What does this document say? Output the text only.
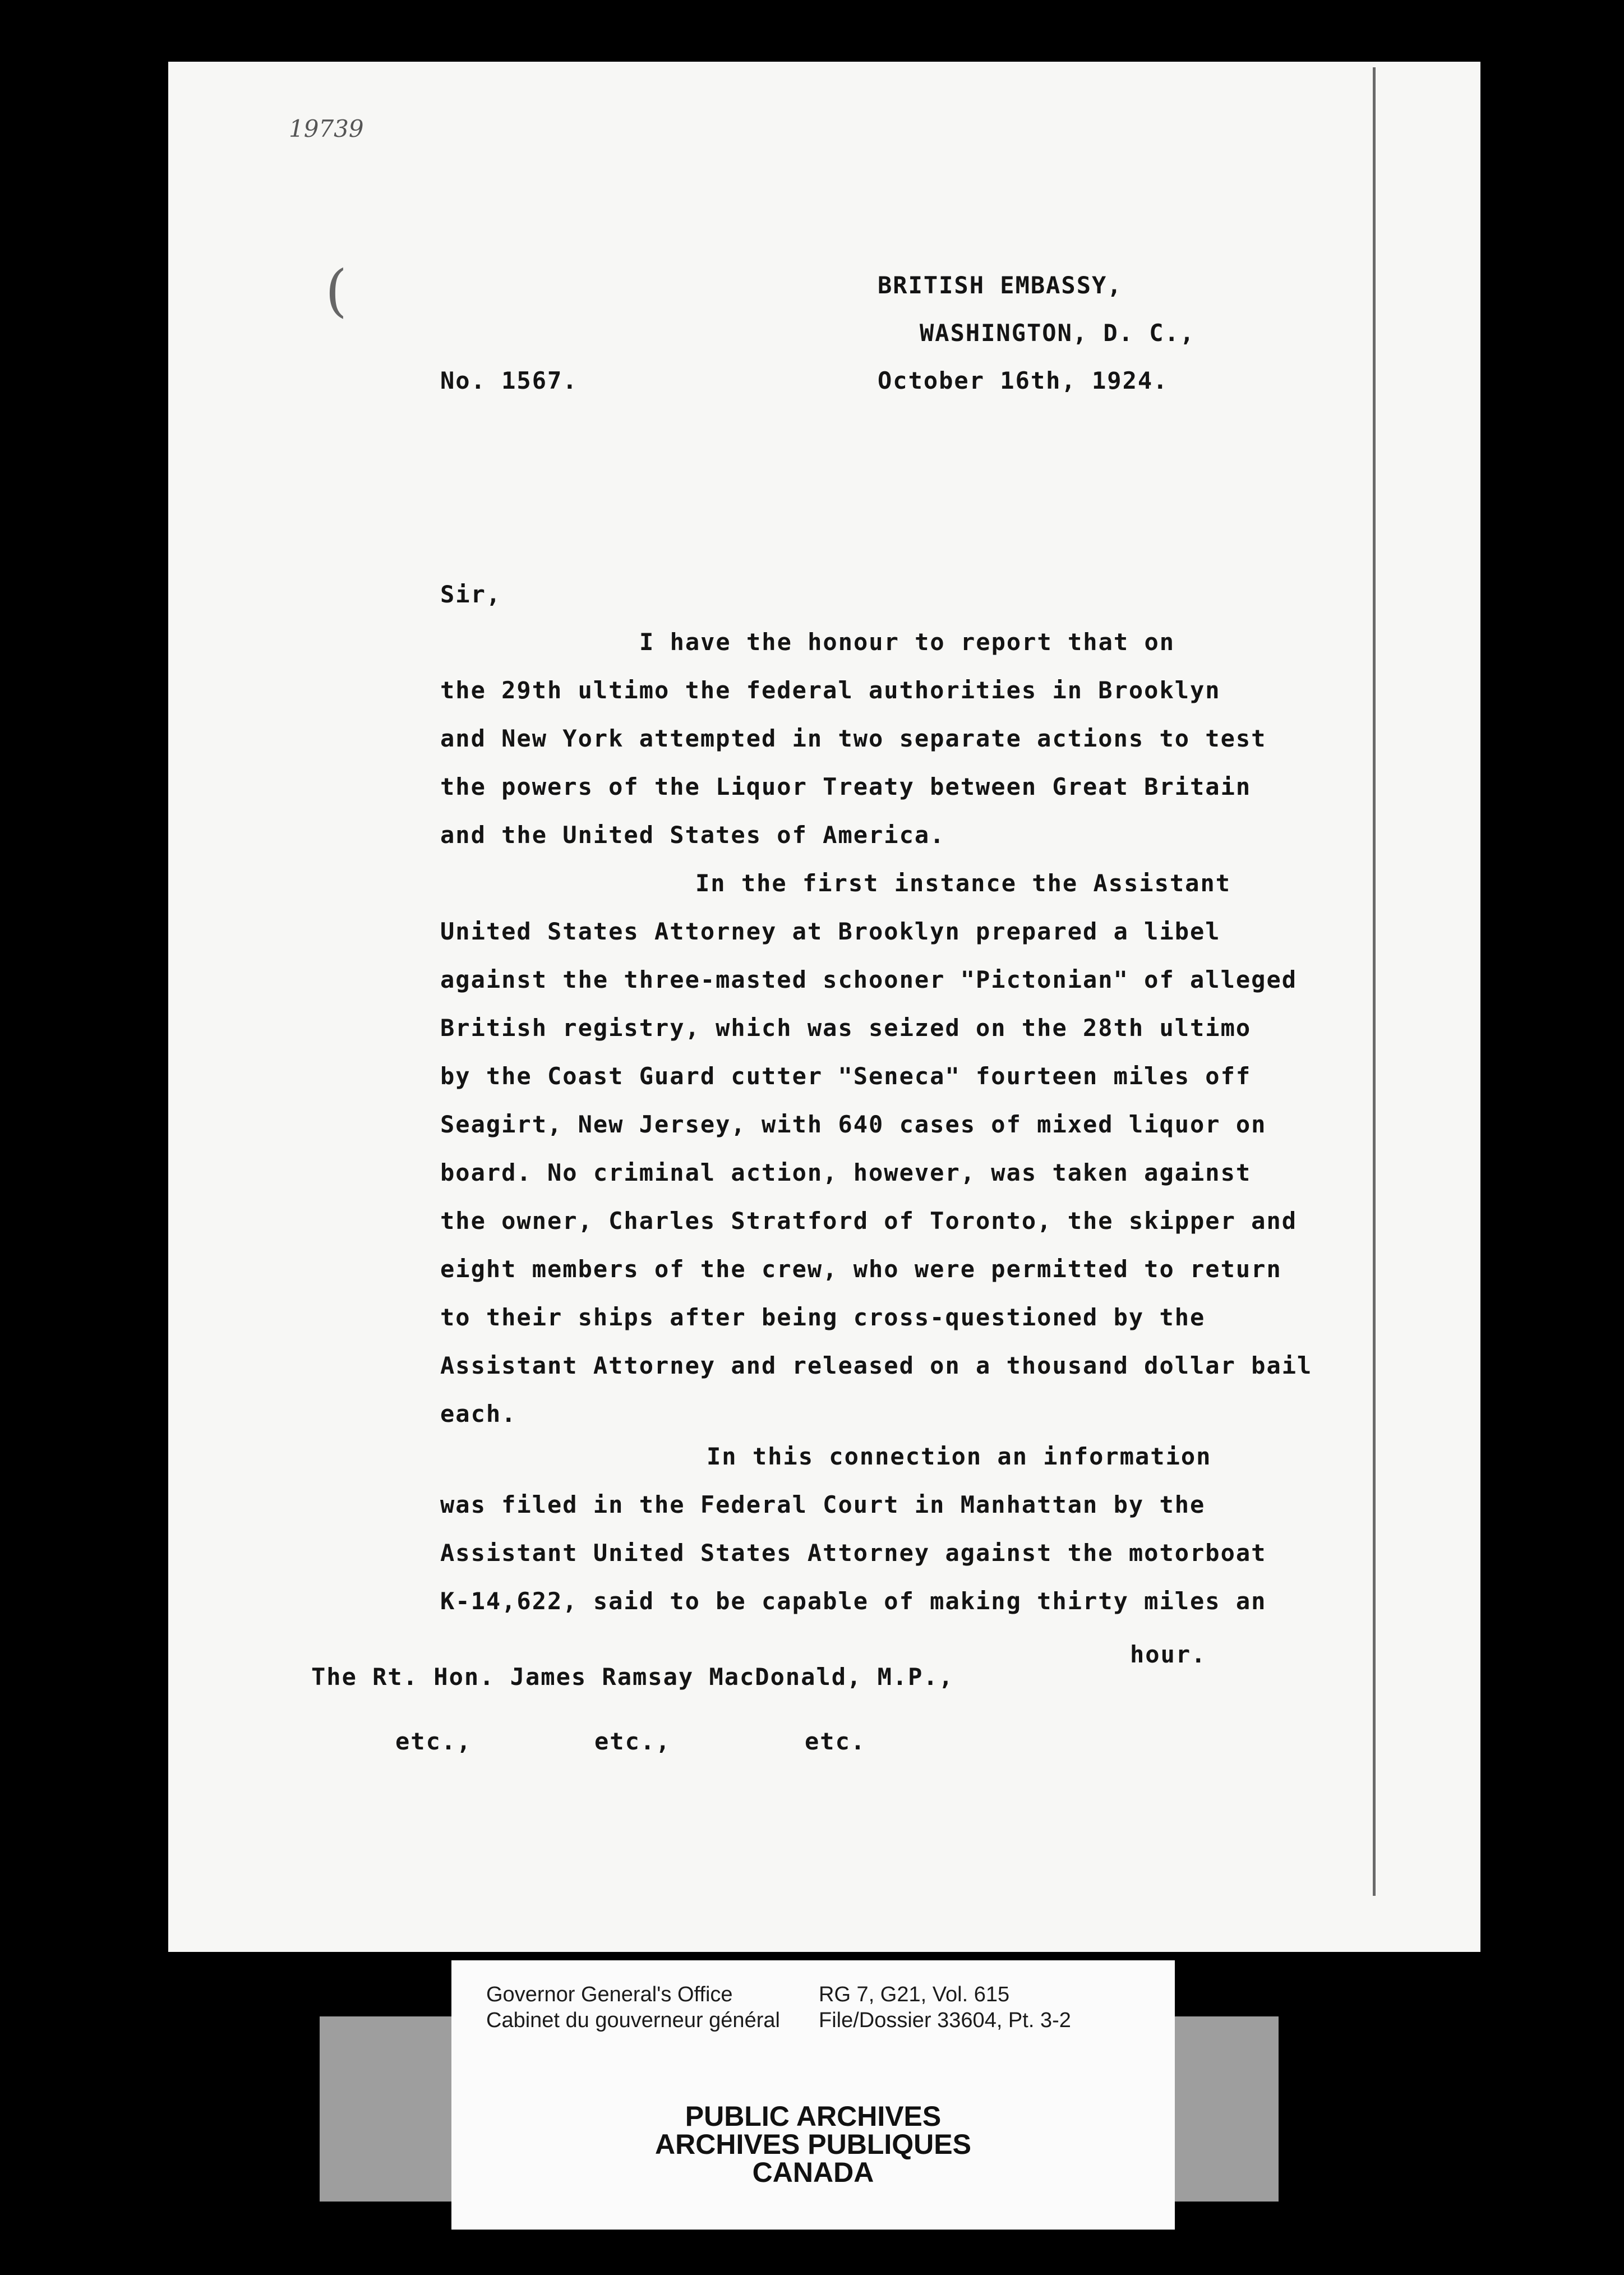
19739
(	BRITISH EMBASSY,

WASHINGTON, D. C.,

No. 1567.	October 16th, 1924.

Sir,

I have the honour to report that on

the 29th ultimo the federal authorities in Brooklyn

and New York attempted in two separate actions to test

the powers of the Liquor Treaty between Great Britain

and the United States of America.

In the first instance the Assistant

United States Attorney at Brooklyn prepared a libel

against the three-masted schooner "Pictonian" of alleged

British registry, which was seized on the 28th ultimo

by the Coast Guard cutter "Seneca" fourteen miles off

Seagirt, New Jersey, with 640 cases of mixed liquor on

board. No criminal action, however, was taken against

the owner, Charles Stratford of Toronto, the skipper and

eight members of the crew, who were permitted to return

to their ships after being cross-questioned by the

Assistant Attorney and released on a thousand dollar bail

each.

In this connection an information

was filed in the Federal Court in Manhattan by the

Assistant United States Attorney against the motorboat

K-14,622, said to be capable of making thirty miles an

hour.

The Rt. Hon. James Ramsay MacDonald, M.P.,

etc.,	etc.,	etc.

Governor General's Office
Cabinet du gouverneur général
RG 7, G21, Vol. 615
File/Dossier 33604, Pt. 3-2
PUBLIC ARCHIVES
ARCHIVES PUBLIQUES
CANADA
